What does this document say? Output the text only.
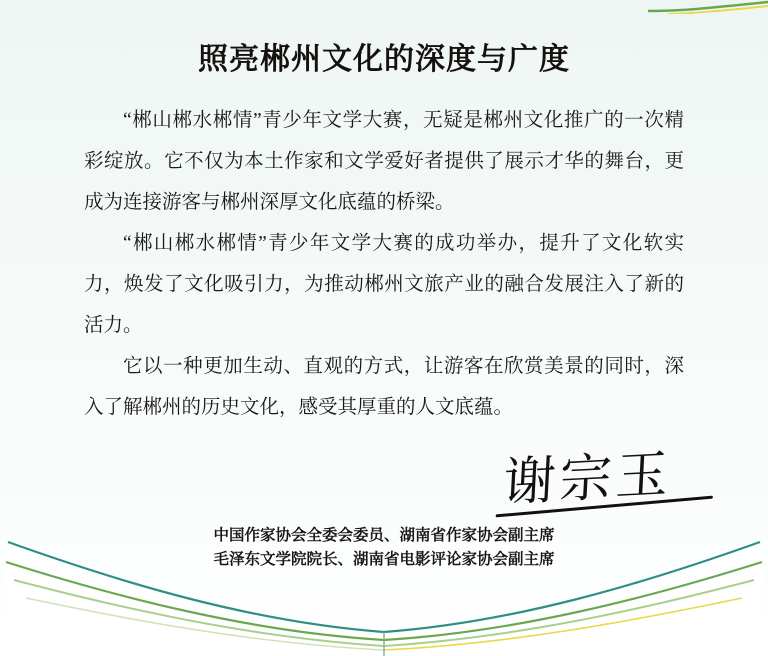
照亮郴州文化的深度与广度

“郴山郴水郴情”青少年文学大赛，无疑是郴州文化推广的一次精彩绽放。它不仅为本土作家和文学爱好者提供了展示才华的舞台，更成为连接游客与郴州深厚文化底蕴的桥梁。

“郴山郴水郴情”青少年文学大赛的成功举办，提升了文化软实力，焕发了文化吸引力，为推动郴州文旅产业的融合发展注入了新的活力。

它以一种更加生动、直观的方式，让游客在欣赏美景的同时，深入了解郴州的历史文化，感受其厚重的人文底蕴。

谢宗玉
中国作家协会全委会委员、湖南省作家协会副主席
毛泽东文学院院长、湖南省电影评论家协会副主席
